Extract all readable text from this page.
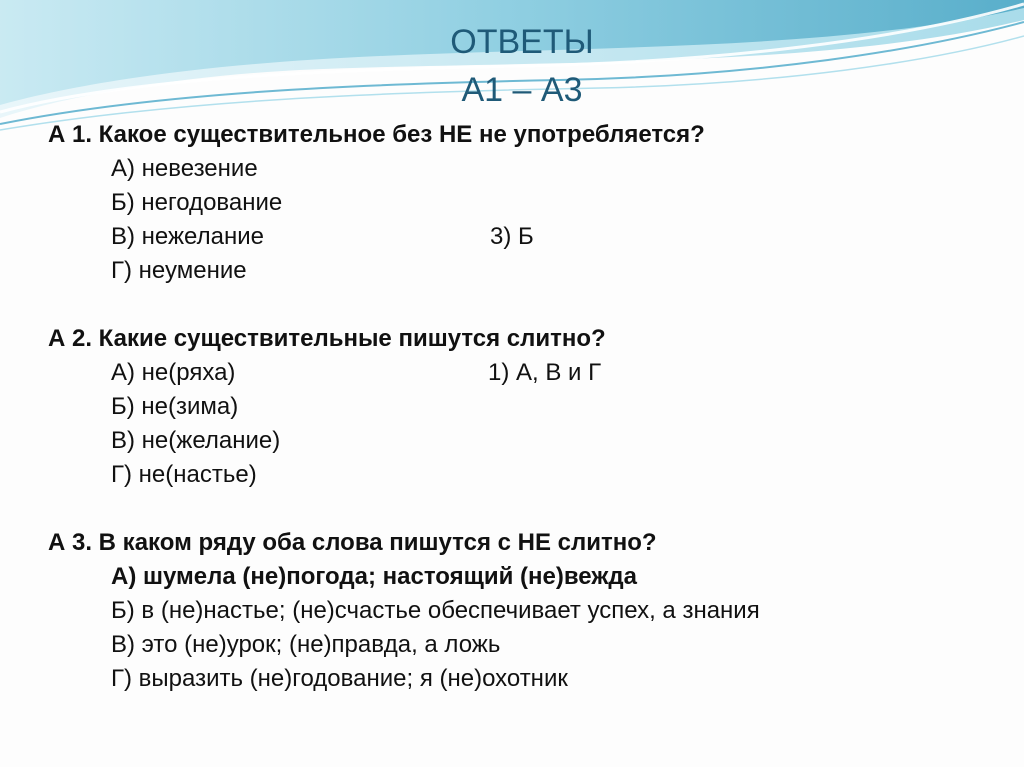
ОТВЕТЫ
А1 – А3
А 1. Какое существительное без НЕ не употребляется?
А) невезение
Б) негодование
В) нежелание	3) Б
Г) неумение
А 2. Какие существительные пишутся слитно?
А) не(ряха)	1) А, В и Г
Б) не(зима)
В) не(желание)
Г) не(настье)
А 3. В каком ряду оба слова пишутся с НЕ слитно?
А) шумела (не)погода; настоящий (не)вежда
Б) в (не)настье; (не)счастье обеспечивает успех, а знания
В) это (не)урок; (не)правда, а ложь
Г) выразить (не)годование; я (не)охотник
